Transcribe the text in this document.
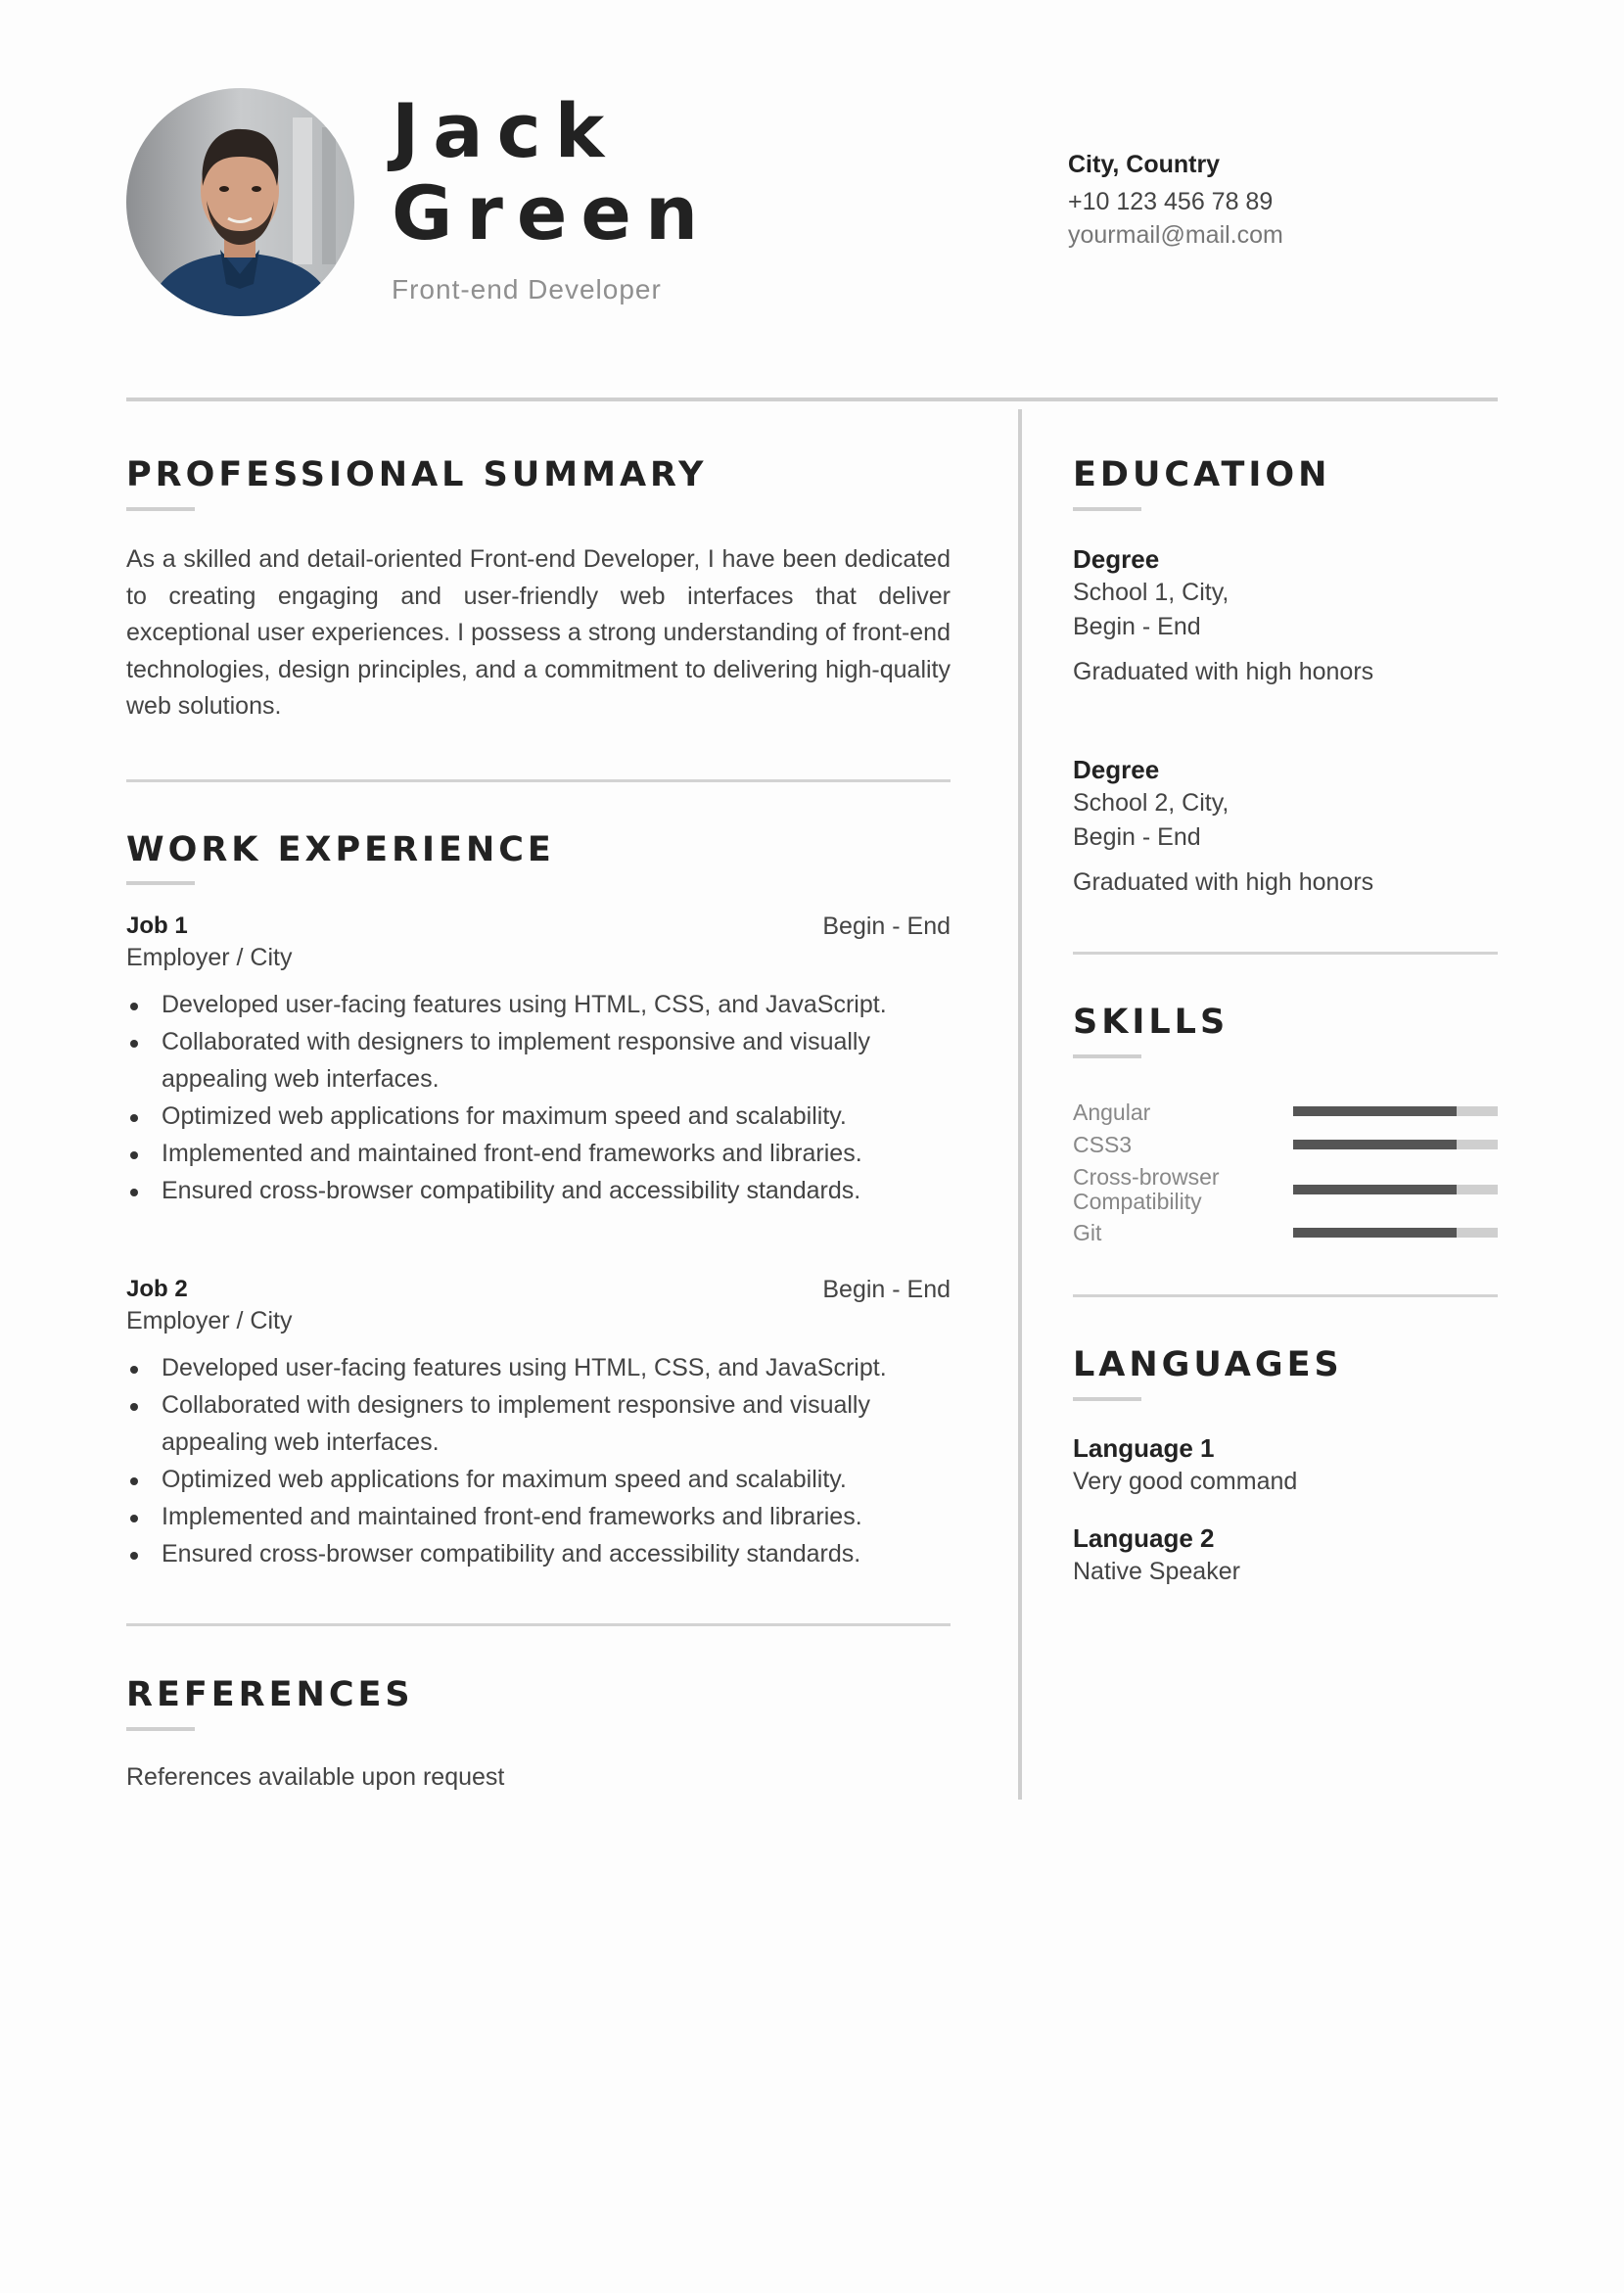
Jack
Green
Front-end Developer
City, Country
+10 123 456 78 89
yourmail@mail.com
PROFESSIONAL SUMMARY
As a skilled and detail-oriented Front-end Developer, I have been dedicated to creating engaging and user-friendly web interfaces that deliver exceptional user experiences. I possess a strong understanding of front-end technologies, design principles, and a commitment to delivering high-quality web solutions.
WORK EXPERIENCE
Job 1	Begin - End
Employer / City
Developed user-facing features using HTML, CSS, and JavaScript.
Collaborated with designers to implement responsive and visually appealing web interfaces.
Optimized web applications for maximum speed and scalability.
Implemented and maintained front-end frameworks and libraries.
Ensured cross-browser compatibility and accessibility standards.
Job 2	Begin - End
Employer / City
Developed user-facing features using HTML, CSS, and JavaScript.
Collaborated with designers to implement responsive and visually appealing web interfaces.
Optimized web applications for maximum speed and scalability.
Implemented and maintained front-end frameworks and libraries.
Ensured cross-browser compatibility and accessibility standards.
REFERENCES
References available upon request
EDUCATION
Degree
School 1, City,
Begin - End
Graduated with high honors
Degree
School 2, City,
Begin - End
Graduated with high honors
SKILLS
Angular
CSS3
Cross-browser Compatibility
Git
LANGUAGES
Language 1
Very good command
Language 2
Native Speaker
